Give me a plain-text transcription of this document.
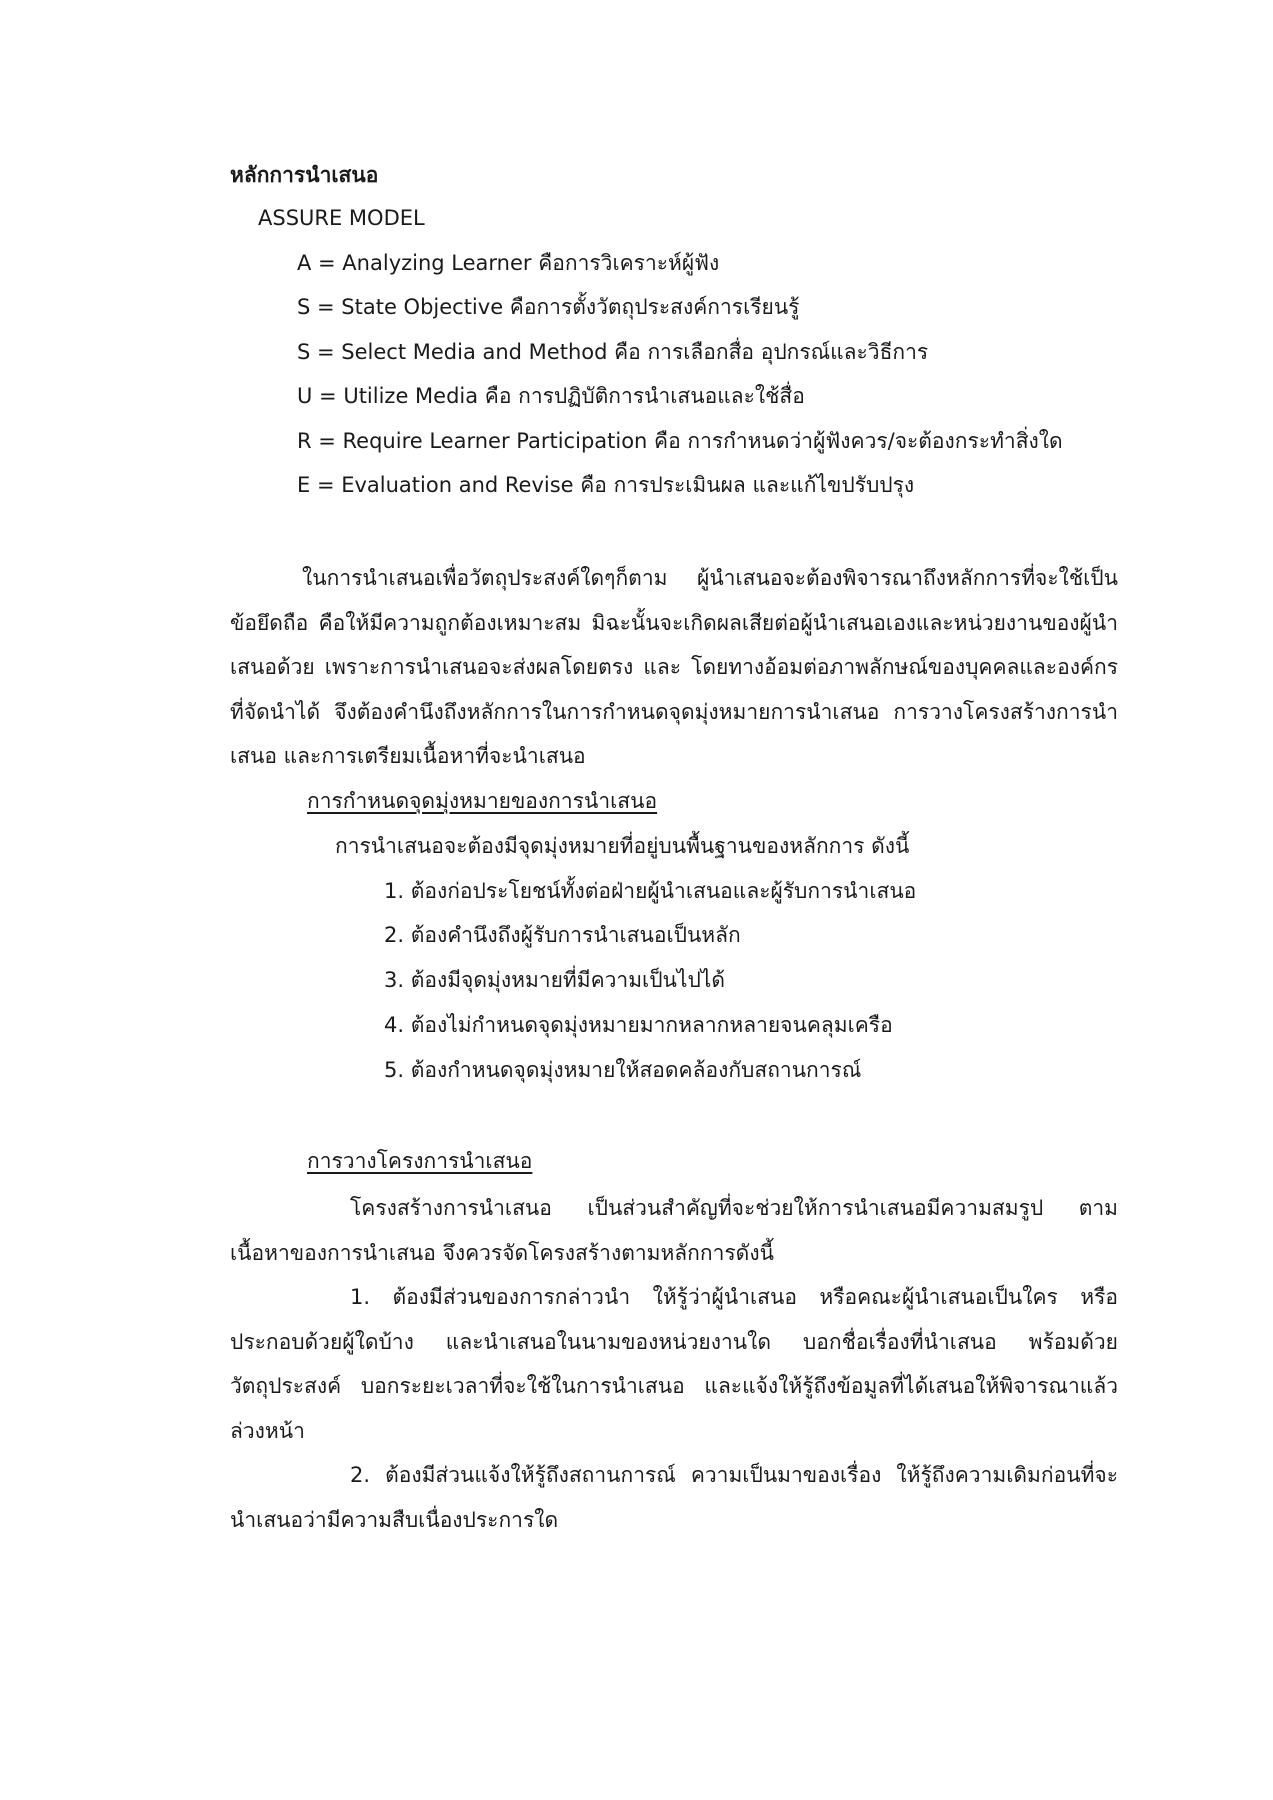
หลักการนำเสนอ
ASSURE MODEL
A = Analyzing Learner คือการวิเคราะห์ผู้ฟัง
S = State Objective คือการตั้งวัตถุประสงค์การเรียนรู้
S = Select Media and Method คือ การเลือกสื่อ อุปกรณ์และวิธีการ
U = Utilize Media คือ การปฏิบัติการนำเสนอและใช้สื่อ
R = Require Learner Participation คือ การกำหนดว่าผู้ฟังควร/จะต้องกระทำสิ่งใด
E = Evaluation and Revise คือ การประเมินผล และแก้ไขปรับปรุง
ในการนำเสนอเพื่อวัตถุประสงค์ใดๆก็ตาม ผู้นำเสนอจะต้องพิจารณาถึงหลักการที่จะใช้เป็นข้อยึดถือ คือให้มีความถูกต้องเหมาะสม มิฉะนั้นจะเกิดผลเสียต่อผู้นำเสนอเองและหน่วยงานของผู้นำเสนอด้วย เพราะการนำเสนอจะส่งผลโดยตรง และ โดยทางอ้อมต่อภาพลักษณ์ของบุคคลและองค์กรที่จัดนำได้ จึงต้องคำนึงถึงหลักการในการกำหนดจุดมุ่งหมายการนำเสนอ การวางโครงสร้างการนำเสนอ และการเตรียมเนื้อหาที่จะนำเสนอ
การกำหนดจุดมุ่งหมายของการนำเสนอ
การนำเสนอจะต้องมีจุดมุ่งหมายที่อยู่บนพื้นฐานของหลักการ ดังนี้
1. ต้องก่อประโยชน์ทั้งต่อฝ่ายผู้นำเสนอและผู้รับการนำเสนอ
2. ต้องคำนึงถึงผู้รับการนำเสนอเป็นหลัก
3. ต้องมีจุดมุ่งหมายที่มีความเป็นไปได้
4. ต้องไม่กำหนดจุดมุ่งหมายมากหลากหลายจนคลุมเครือ
5. ต้องกำหนดจุดมุ่งหมายให้สอดคล้องกับสถานการณ์
การวางโครงการนำเสนอ
โครงสร้างการนำเสนอ เป็นส่วนสำคัญที่จะช่วยให้การนำเสนอมีความสมรูป ตามเนื้อหาของการนำเสนอ จึงควรจัดโครงสร้างตามหลักการดังนี้
1. ต้องมีส่วนของการกล่าวนำ ให้รู้ว่าผู้นำเสนอ หรือคณะผู้นำเสนอเป็นใคร หรือประกอบด้วยผู้ใดบ้าง และนำเสนอในนามของหน่วยงานใด บอกชื่อเรื่องที่นำเสนอ พร้อมด้วยวัตถุประสงค์ บอกระยะเวลาที่จะใช้ในการนำเสนอ และแจ้งให้รู้ถึงข้อมูลที่ได้เสนอให้พิจารณาแล้วล่วงหน้า
2. ต้องมีส่วนแจ้งให้รู้ถึงสถานการณ์ ความเป็นมาของเรื่อง ให้รู้ถึงความเดิมก่อนที่จะนำเสนอว่ามีความสืบเนื่องประการใด
